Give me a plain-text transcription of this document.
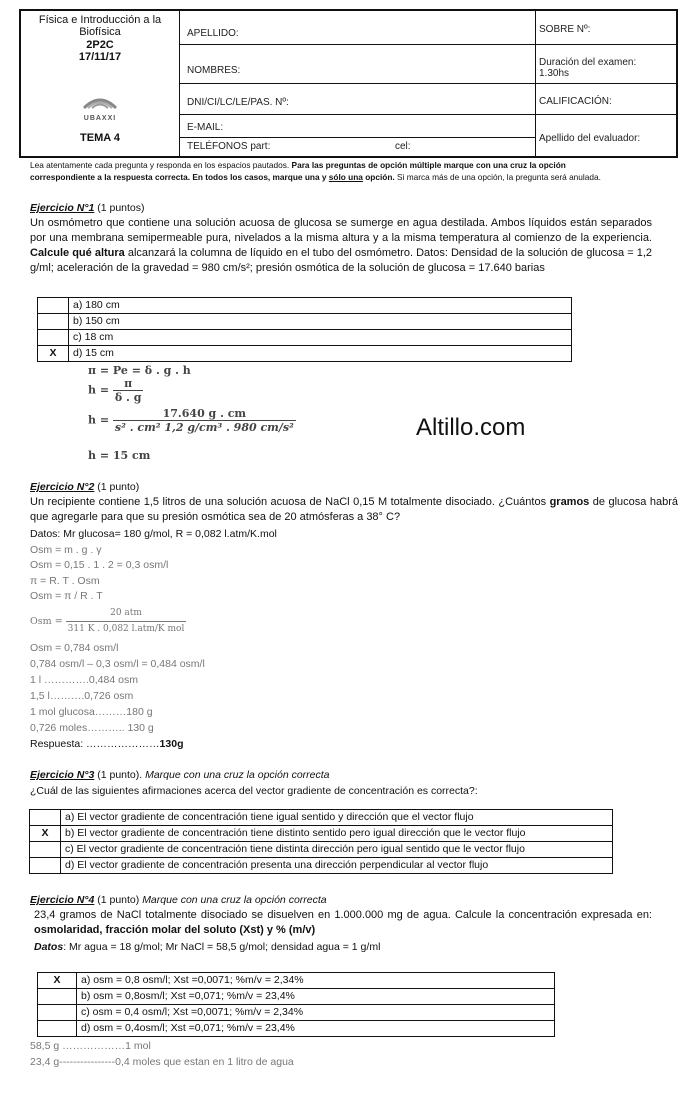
Física e Introducción a la
Biofísica
2P2C
17/11/17
UBAXXI
TEMA 4
APELLIDO:
NOMBRES:
DNI/CI/LC/LE/PAS. Nº:
E-MAIL:
TELÉFONOS part:	cel:
SOBRE Nº:
Duración del examen:
1.30hs
CALIFICACIÓN:
Apellido del evaluador:
Lea atentamente cada pregunta y responda en los espacios pautados. Para las preguntas de opción múltiple marque con una cruz la opción
correspondiente a la respuesta correcta. En todos los casos, marque una y sólo una opción. Si marca más de una opción, la pregunta será anulada.
Ejercicio N°1 (1 puntos)
Un osmómetro que contiene una solución acuosa de glucosa se sumerge en agua destilada. Ambos líquidos están separados por una membrana semipermeable pura, nivelados a la misma altura y a la misma temperatura al comienzo de la experiencia. Calcule qué altura alcanzará la columna de líquido en el tubo del osmómetro. Datos: Densidad de la solución de glucosa = 1,2 g/ml; aceleración de la gravedad = 980 cm/s²; presión osmótica de la solución de glucosa = 17.640 barias
	a) 180 cm
	b) 150 cm
	c) 18 cm
X	d) 15 cm
π = Pe = δ . g . h
$h = \frac{\pi}{\delta . g}$
$h = \frac{17.640 g . cm}{\text{s² . cm² 1,2 g/cm³ . 980 cm/s²}}$
h = 15 cm
Altillo.com
Ejercicio N°2 (1 punto)
Un recipiente contiene 1,5 litros de una solución acuosa de NaCl 0,15 M totalmente disociado. ¿Cuántos gramos de glucosa habrá que agregarle para que su presión osmótica sea de 20 atmósferas a 38° C?
Datos: Mr glucosa= 180 g/mol, R = 0,082 l.atm/K.mol
Osm = m . g . γ
Osm = 0,15 . 1 . 2 = 0,3 osm/l
π = R. T . Osm
Osm = π / R . T
Osm = $\frac{\text{20 atm}}{\text{311 K . 0,082 l.atm/K mol}}$
Osm = 0,784 osm/l
0,784 osm/l – 0,3 osm/l = 0,484 osm/l
1 l ………….0,484 osm
1,5 l……….0,726 osm
1 mol glucosa………180 g
0,726 moles……….. 130 g
Respuesta: …………………130g
Ejercicio N°3 (1 punto). Marque con una cruz la opción correcta
¿Cuál de las siguientes afirmaciones acerca del vector gradiente de concentración es correcta?:
	a) El vector gradiente de concentración tiene igual sentido y dirección que el vector flujo
X	b) El vector gradiente de concentración tiene distinto sentido pero igual dirección que le vector flujo
	c) El vector gradiente de concentración tiene distinta dirección pero igual sentido que le vector flujo
	d) El vector gradiente de concentración presenta una dirección perpendicular al vector flujo
Ejercicio N°4 (1 punto) Marque con una cruz la opción correcta
23,4 gramos de NaCl totalmente disociado se disuelven en 1.000.000 mg de agua. Calcule la concentración expresada en: osmolaridad, fracción molar del soluto (Xst) y % (m/v)
Datos: Mr agua = 18 g/mol; Mr NaCl = 58,5 g/mol; densidad agua = 1 g/ml
X	a) osm = 0,8 osm/l; Xst =0,0071; %m/v = 2,34%
	b) osm = 0,8osm/l; Xst =0,071; %m/v = 23,4%
	c) osm = 0,4 osm/l; Xst =0,0071; %m/v = 2,34%
	d) osm = 0,4osm/l; Xst =0,071; %m/v = 23,4%
58,5 g ………………1 mol
23,4 g----------------0,4 moles que estan en 1 litro de agua
